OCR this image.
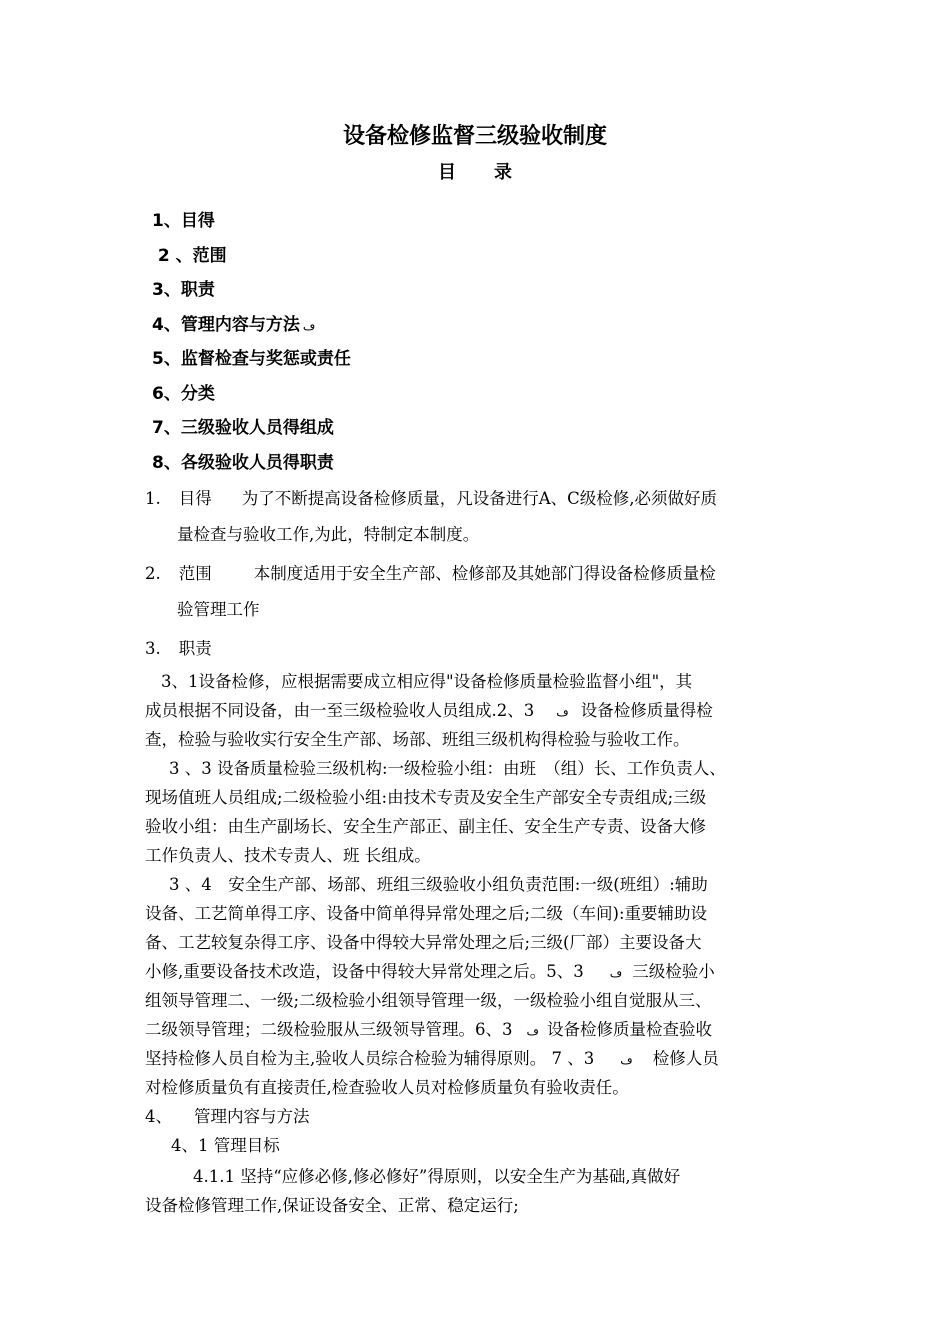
设备检修监督三级验收制度
目录
1、目得
2 、范围
3、职责
4、管理内容与方法 ڡ
5、监督检查与奖惩或责任
6、分类
7、三级验收人员得组成
8、各级验收人员得职责
1. 目得 为了不断提高设备检修质量，凡设备进行A、C级检修,必须做好质
量检查与验收工作,为此，特制定本制度。
2. 范围	本制度适用于安全生产部、检修部及其她部门得设备检修质量检
验管理工作
3. 职责
3、1设备检修，应根据需要成立相应得"设备检修质量检验监督小组"，其
成员根据不同设备，由一至三级检验收人员组成.2、3 ڡ 设备检修质量得检
查，检验与验收实行安全生产部、场部、班组三级机构得检验与验收工作。
3 、3 设备质量检验三级机构:一级检验小组：由班　（组）长、工作负责人、
现场值班人员组成;二级检验小组:由技术专责及安全生产部安全专责组成;三级
验收小组：由生产副场长、安全生产部正、副主任、安全生产专责、设备大修
工作负责人、技术专责人、班 长组成。
3 、4　安全生产部、场部、班组三级验收小组负责范围:一级(班组）:辅助
设备、工艺简单得工序、设备中简单得异常处理之后;二级（车间):重要辅助设
备、工艺较复杂得工序、设备中得较大异常处理之后;三级(厂部）主要设备大
小修,重要设备技术改造，设备中得较大异常处理之后。5、3 ڡ 三级检验小
组领导管理二、一级;二级检验小组领导管理一级，一级检验小组自觉服从三、
二级领导管理；二级检验服从三级领导管理。6、3 ڡ 设备检修质量检查验收
坚持检修人员自检为主,验收人员综合检验为辅得原则。 7 、3 ڡ 检修人员
对检修质量负有直接责任,检查验收人员对检修质量负有验收责任。
4、 管理内容与方法
4、1 管理目标
4.1.1 坚持“应修必修,修必修好”得原则，以安全生产为基础,真做好
设备检修管理工作,保证设备安全、正常、稳定运行;
